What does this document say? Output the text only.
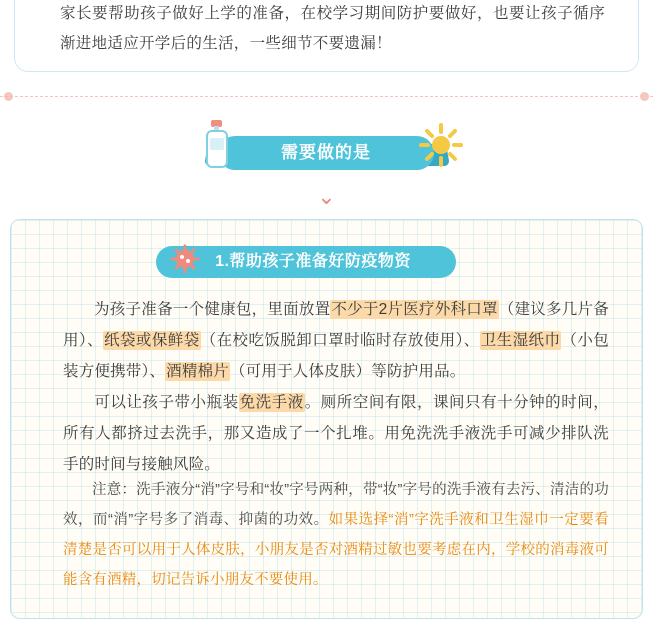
家长要帮助孩子做好上学的准备，在校学习期间防护要做好，也要让孩子循序渐进地适应开学后的生活，一些细节不要遗漏！
需要做的是
⌄
1.帮助孩子准备好防疫物资
为孩子准备一个健康包，里面放置不少于2片医疗外科口罩（建议多几片备用）、纸袋或保鲜袋（在校吃饭脱卸口罩时临时存放使用）、卫生湿纸巾（小包装方便携带）、酒精棉片（可用于人体皮肤）等防护用品。
可以让孩子带小瓶装免洗手液。厕所空间有限，课间只有十分钟的时间，所有人都挤过去洗手，那又造成了一个扎堆。用免洗洗手液洗手可减少排队洗手的时间与接触风险。
注意：洗手液分“消”字号和“妆”字号两种，带“妆”字号的洗手液有去污、清洁的功效，而“消”字号多了消毒、抑菌的功效。如果选择“消”字洗手液和卫生湿巾一定要看清楚是否可以用于人体皮肤，小朋友是否对酒精过敏也要考虑在内，学校的消毒液可能含有酒精，切记告诉小朋友不要使用。
